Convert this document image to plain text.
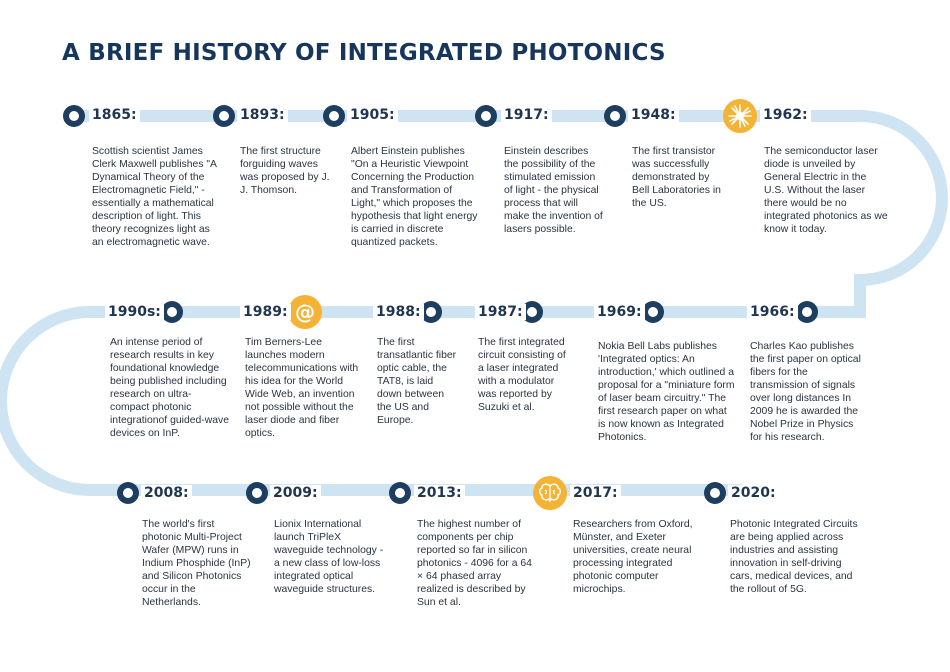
A BRIEF HISTORY OF INTEGRATED PHOTONICS
1865:

Scottish scientist James Clerk Maxwell publishes "A Dynamical Theory of the Electromagnetic Field," - essentially a mathematical description of light. This theory recognizes light as an electromagnetic wave.

1893:

The first structure forguiding waves was proposed by J. J. Thomson.

1905:

Albert Einstein publishes "On a Heuristic Viewpoint Concerning the Production and Transformation of Light," which proposes the hypothesis that light energy is carried in discrete quantized packets.

1917:

Einstein describes the possibility of the stimulated emission of light - the physical process that will make the invention of lasers possible.

1948:

The first transistor was successfully demonstrated by Bell Laboratories in the US.

1962:

The semiconductor laser diode is unveiled by General Electric in the U.S. Without the laser there would be no integrated photonics as we know it today.

1990s:

An intense period of research results in key foundational knowledge being published including research on ultra-compact photonic integrationof guided-wave devices on InP.

@
1989:

Tim Berners-Lee launches modern telecommunications with his idea for the World Wide Web, an invention not possible without the laser diode and fiber optics.

1988:

The first transatlantic fiber optic cable, the TAT8, is laid down between the US and Europe.

1987:

The first integrated circuit consisting of a laser integrated with a modulator was reported by Suzuki et al.

1969:

Nokia Bell Labs publishes 'Integrated optics: An introduction,' which outlined a proposal for a "miniature form of laser beam circuitry." The first research paper on what is now known as Integrated Photonics.

1966:

Charles Kao publishes the first paper on optical fibers for the transmission of signals over long distances In 2009 he is awarded the Nobel Prize in Physics for his research.

2008:

The world's first photonic Multi-Project Wafer (MPW) runs in Indium Phosphide (InP) and Silicon Photonics occur in the Netherlands.

2009:

Lionix International launch TriPleX waveguide technology - a new class of low-loss integrated optical waveguide structures.

2013:

The highest number of components per chip reported so far in silicon photonics - 4096 for a 64 × 64 phased array realized is described by Sun et al.

2017:

Researchers from Oxford, Münster, and Exeter universities, create neural processing integrated photonic computer microchips.

2020:

Photonic Integrated Circuits are being applied across industries and assisting innovation in self-driving cars, medical devices, and the rollout of 5G.
